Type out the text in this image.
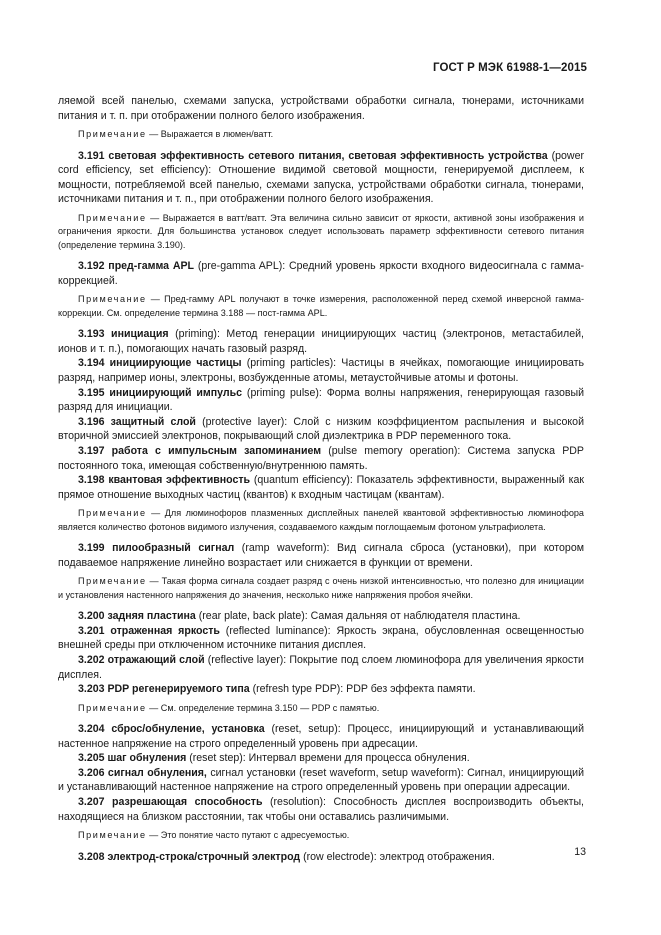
ГОСТ Р МЭК 61988-1—2015

ляемой всей панелью, схемами запуска, устройствами обработки сигнала, тюнерами, источниками питания и т. п. при отображении полного белого изображения.

Примечание — Выражается в люмен/ватт.

3.191 световая эффективность сетевого питания, световая эффективность устройства (power cord efficiency, set efficiency): Отношение видимой световой мощности, генерируемой дисплеем, к мощности, потребляемой всей панелью, схемами запуска, устройствами обработки сигнала, тюнерами, источниками питания и т. п., при отображении полного белого изображения.

Примечание — Выражается в ватт/ватт. Эта величина сильно зависит от яркости, активной зоны изображения и ограничения яркости. Для большинства установок следует использовать параметр эффективности сетевого питания (определение термина 3.190).

3.192 пред-гамма APL (pre-gamma APL): Средний уровень яркости входного видеосигнала с гамма-коррекцией.

Примечание — Пред-гамму APL получают в точке измерения, расположенной перед схемой инверсной гамма-коррекции. См. определение термина 3.188 — пост-гамма APL.

3.193 инициация (priming): Метод генерации инициирующих частиц (электронов, метастабилей, ионов и т. п.), помогающих начать газовый разряд.

3.194 инициирующие частицы (priming particles): Частицы в ячейках, помогающие инициировать разряд, например ионы, электроны, возбужденные атомы, метаустойчивые атомы и фотоны.

3.195 инициирующий импульс (priming pulse): Форма волны напряжения, генерирующая газовый разряд для инициации.

3.196 защитный слой (protective layer): Слой с низким коэффициентом распыления и высокой вторичной эмиссией электронов, покрывающий слой диэлектрика в PDP переменного тока.

3.197 работа с импульсным запоминанием (pulse memory operation): Система запуска PDP постоянного тока, имеющая собственную/внутреннюю память.

3.198 квантовая эффективность (quantum efficiency): Показатель эффективности, выраженный как прямое отношение выходных частиц (квантов) к входным частицам (квантам).

Примечание — Для люминофоров плазменных дисплейных панелей квантовой эффективностью люминофора является количество фотонов видимого излучения, создаваемого каждым поглощаемым фотоном ультрафиолета.

3.199 пилообразный сигнал (ramp waveform): Вид сигнала сброса (установки), при котором подаваемое напряжение линейно возрастает или снижается в функции от времени.

Примечание — Такая форма сигнала создает разряд с очень низкой интенсивностью, что полезно для инициации и установления настенного напряжения до значения, несколько ниже напряжения пробоя ячейки.

3.200 задняя пластина (rear plate, back plate): Самая дальняя от наблюдателя пластина.

3.201 отраженная яркость (reflected luminance): Яркость экрана, обусловленная освещенностью внешней среды при отключенном источнике питания дисплея.

3.202 отражающий слой (reflective layer): Покрытие под слоем люминофора для увеличения яркости дисплея.

3.203 PDP регенерируемого типа (refresh type PDP): PDP без эффекта памяти.

Примечание — См. определение термина 3.150 — PDP с памятью.

3.204 сброс/обнуление, установка (reset, setup): Процесс, инициирующий и устанавливающий настенное напряжение на строго определенный уровень при адресации.

3.205 шаг обнуления (reset step): Интервал времени для процесса обнуления.

3.206 сигнал обнуления, сигнал установки (reset waveform, setup waveform): Сигнал, инициирующий и устанавливающий настенное напряжение на строго определенный уровень при операции адресации.

3.207 разрешающая способность (resolution): Способность дисплея воспроизводить объекты, находящиеся на близком расстоянии, так чтобы они оставались различимыми.

Примечание — Это понятие часто путают с адресуемостью.

3.208 электрод-строка/строчный электрод (row electrode): электрод отображения.	13
